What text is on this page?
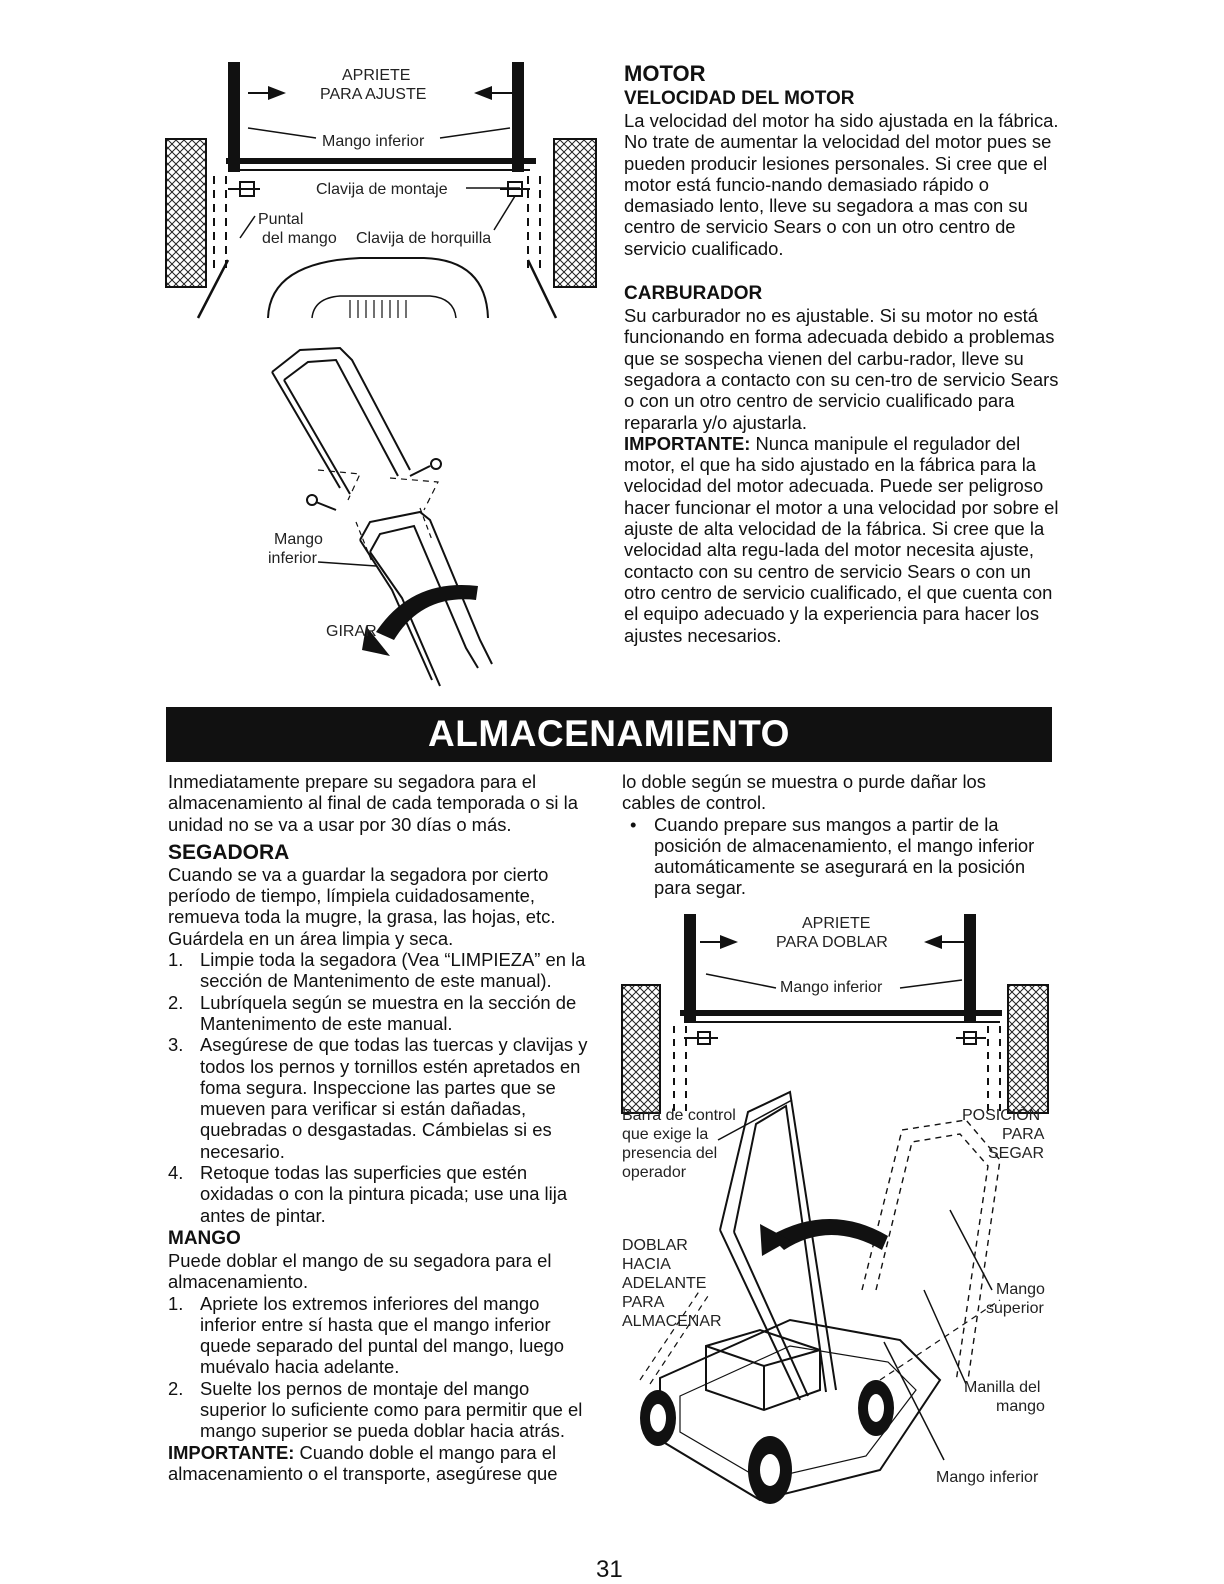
APRIETE
PARA AJUSTE
Mango inferior
Clavija de montaje
Puntal
del mango Clavija de horquilla
Mango
inferior
GIRAR

MOTOR

VELOCIDAD DEL MOTOR

La velocidad del motor ha sido ajustada en la fábrica. No trate de aumentar la velocidad del motor pues se pueden producir lesiones personales. Si cree que el motor está funcio-nando demasiado rápido o demasiado lento, lleve su segadora a mas con su centro de servicio Sears o con un otro centro de servicio cualificado.

CARBURADOR

Su carburador no es ajustable. Si su motor no está funcionando en forma adecuada debido a problemas que se sospecha vienen del carbu-rador, lleve su segadora a contacto con su cen-tro de servicio Sears o con un otro centro de servicio cualificado para repararla y/o ajustarla.

IMPORTANTE: Nunca manipule el regulador del motor, el que ha sido ajustado en la fábrica para la velocidad del motor adecuada. Puede ser peligroso hacer funcionar el motor a una velocidad por sobre el ajuste de alta velocidad de la fábrica. Si cree que la velocidad alta regu-lada del motor necesita ajuste, contacto con su centro de servicio Sears o con un otro centro de servicio cualificado, el que cuenta con el equipo adecuado y la experiencia para hacer los ajustes necesarios.

ALMACENAMIENTO

Inmediatamente prepare su segadora para el almacenamiento al final de cada temporada o si la unidad no se va a usar por 30 días o más.

SEGADORA

Cuando se va a guardar la segadora por cierto período de tiempo, límpiela cuidadosamente, remueva toda la mugre, la grasa, las hojas, etc. Guárdela en un área limpia y seca.

1. Limpie toda la segadora (Vea “LIMPIEZA” en la sección de Mantenimento de este manual).
2. Lubríquela según se muestra en la sección de Mantenimento de este manual.
3. Asegúrese de que todas las tuercas y clavijas y todos los pernos y tornillos estén apretados en foma segura. Inspeccione las partes que se mueven para verificar si están dañadas, quebradas o desgastadas. Cámbielas si es necesario.
4. Retoque todas las superficies que estén oxidadas o con la pintura picada; use una lija antes de pintar.

MANGO

Puede doblar el mango de su segadora para el almacenamiento.

1. Apriete los extremos inferiores del mango inferior entre sí hasta que el mango inferior quede separado del puntal del mango, luego muévalo hacia adelante.
2. Suelte los pernos de montaje del mango superior lo suficiente como para permitir que el mango superior se pueda doblar hacia atrás.

IMPORTANTE: Cuando doble el mango para el almacenamiento o el transporte, asegúrese que

lo doble según se muestra o purde dañar los cables de control.

• Cuando prepare sus mangos a partir de la posición de almacenamiento, el mango inferior automáticamente se asegurará en la posición para segar.
APRIETE
PARA DOBLAR
Mango inferior
Barra de control
que exige la
presencia del
operador
POSICIÓN
PARA
SEGAR
DOBLAR
HACIA
ADELANTE
PARA
ALMACENAR
Mango
superior
Manilla del
mango
Mango inferior
31
